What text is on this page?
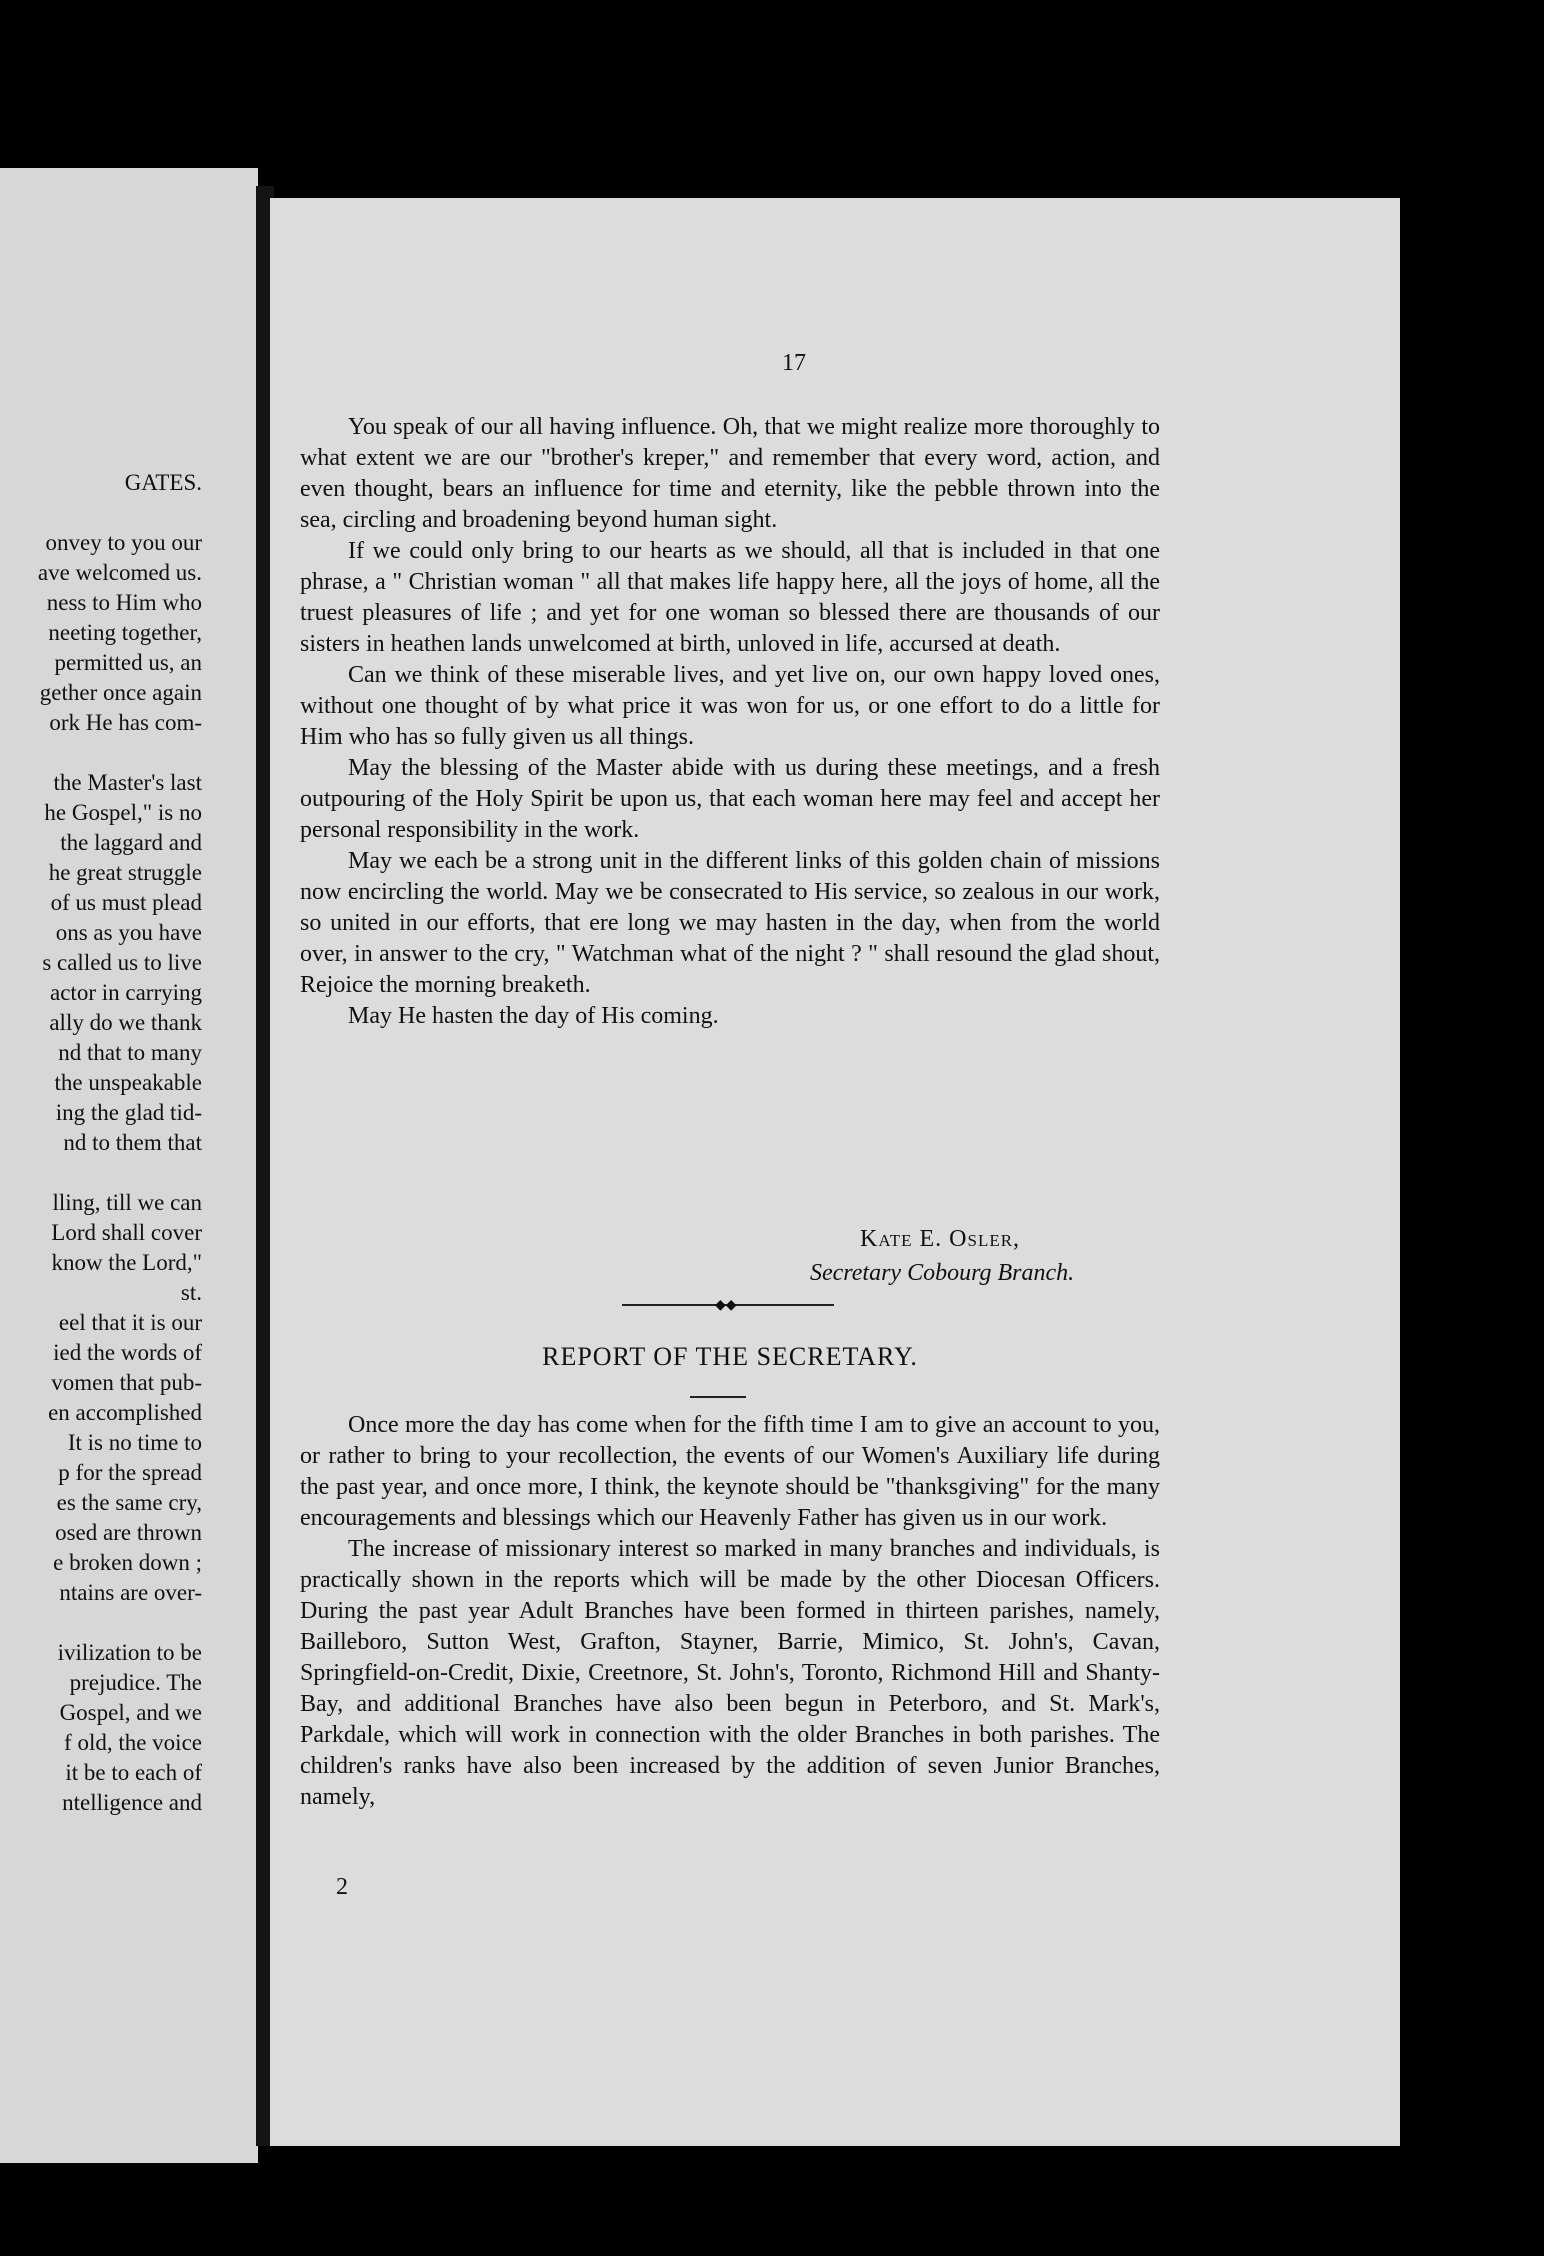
GATES.

onvey to you our

ave welcomed us.

ness to Him who

neeting together,

permitted us, an

gether once again

ork He has com-

the Master's last

he Gospel," is no

the laggard and

he great struggle

of us must plead

ons as you have

s called us to live

actor in carrying

ally do we thank

nd that to many

the unspeakable

ing the glad tid-

nd to them that

lling, till we can

Lord shall cover

know the Lord,"

st.

eel that it is our

ied the words of

vomen that pub-

en accomplished

It is no time to

p for the spread

es the same cry,

osed are thrown

e broken down ;

ntains are over-

ivilization to be

prejudice. The

Gospel, and we

f old, the voice

it be to each of

ntelligence and

17

You speak of our all having influence. Oh, that we might realize more thoroughly to what extent we are our "brother's kreper," and remember that every word, action, and even thought, bears an influence for time and eternity, like the pebble thrown into the sea, circling and broadening beyond human sight.

If we could only bring to our hearts as we should, all that is included in that one phrase, a " Christian woman " all that makes life happy here, all the joys of home, all the truest pleasures of life ; and yet for one woman so blessed there are thousands of our sisters in heathen lands unwelcomed at birth, unloved in life, accursed at death.

Can we think of these miserable lives, and yet live on, our own happy loved ones, without one thought of by what price it was won for us, or one effort to do a little for Him who has so fully given us all things.

May the blessing of the Master abide with us during these meetings, and a fresh outpouring of the Holy Spirit be upon us, that each woman here may feel and accept her personal responsibility in the work.

May we each be a strong unit in the different links of this golden chain of missions now encircling the world. May we be consecrated to His service, so zealous in our work, so united in our efforts, that ere long we may hasten in the day, when from the world over, in answer to the cry, " Watchman what of the night ? " shall resound the glad shout, Rejoice the morning breaketh.

May He hasten the day of His coming.

Kate E. Osler,
Secretary Cobourg Branch.
◆◆
REPORT OF THE SECRETARY.

Once more the day has come when for the fifth time I am to give an account to you, or rather to bring to your recollection, the events of our Women's Auxiliary life during the past year, and once more, I think, the keynote should be "thanksgiving" for the many encouragements and blessings which our Heavenly Father has given us in our work.

The increase of missionary interest so marked in many branches and individuals, is practically shown in the reports which will be made by the other Diocesan Officers. During the past year Adult Branches have been formed in thirteen parishes, namely, Bailleboro, Sutton West, Grafton, Stayner, Barrie, Mimico, St. John's, Cavan, Springfield-on-Credit, Dixie, Creetnore, St. John's, Toronto, Richmond Hill and Shanty-Bay, and additional Branches have also been begun in Peterboro, and St. Mark's, Parkdale, which will work in connection with the older Branches in both parishes. The children's ranks have also been increased by the addition of seven Junior Branches, namely,

2
